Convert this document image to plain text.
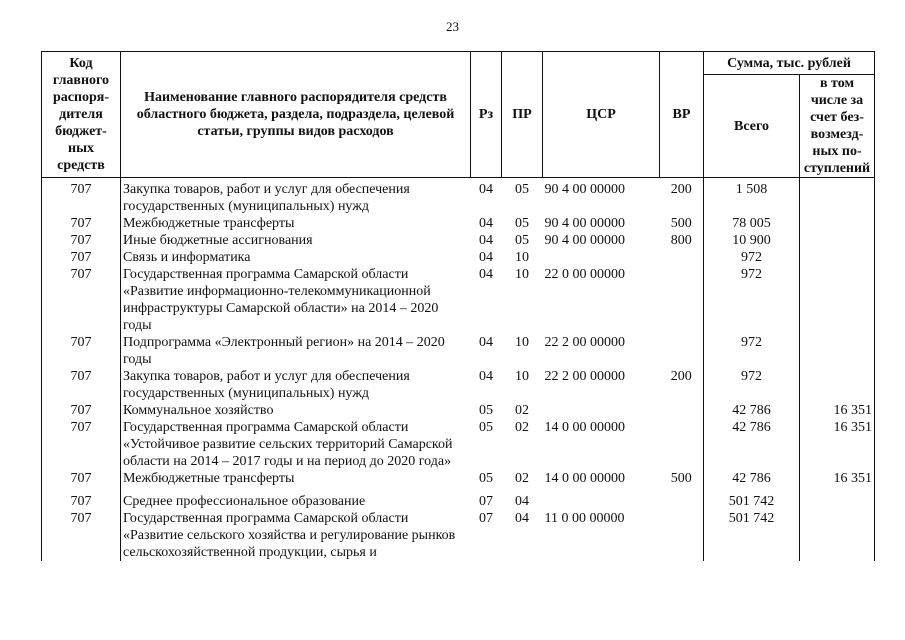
23
Код главного распоря-дителя бюджет-ных средств	Наименование главного распорядителя средств областного бюджета, раздела, подраздела, целевой статьи, группы видов расходов	Рз	ПР	ЦСР	ВР	Сумма, тыс. рублей	
						Всего	в том числе за счет без-возмезд-ных по-ступлений
707	Закупка товаров, работ и услуг для обеспечения государственных (муниципальных) нужд	04	05	90 4 00 00000	200	1 508	
707	Межбюджетные трансферты	04	05	90 4 00 00000	500	78 005	
707	Иные бюджетные ассигнования	04	05	90 4 00 00000	800	10 900	
707	Связь и информатика	04	10			972	
707	Государственная программа Самарской области «Развитие информационно-телекоммуникационной инфраструктуры Самарской области» на 2014 – 2020 годы	04	10	22 0 00 00000		972	
707	Подпрограмма «Электронный регион» на 2014 – 2020 годы	04	10	22 2 00 00000		972	
707	Закупка товаров, работ и услуг для обеспечения государственных (муниципальных) нужд	04	10	22 2 00 00000	200	972	
707	Коммунальное хозяйство	05	02			42 786	16 351
707	Государственная программа Самарской области «Устойчивое развитие сельских территорий Самарской области на 2014 – 2017 годы и на период до 2020 года»	05	02	14 0 00 00000		42 786	16 351
707	Межбюджетные трансферты	05	02	14 0 00 00000	500	42 786	16 351
707	Среднее профессиональное образование	07	04			501 742	
707	Государственная программа Самарской области «Развитие сельского хозяйства и регулирование рынков сельскохозяйственной продукции, сырья и	07	04	11 0 00 00000		501 742	
